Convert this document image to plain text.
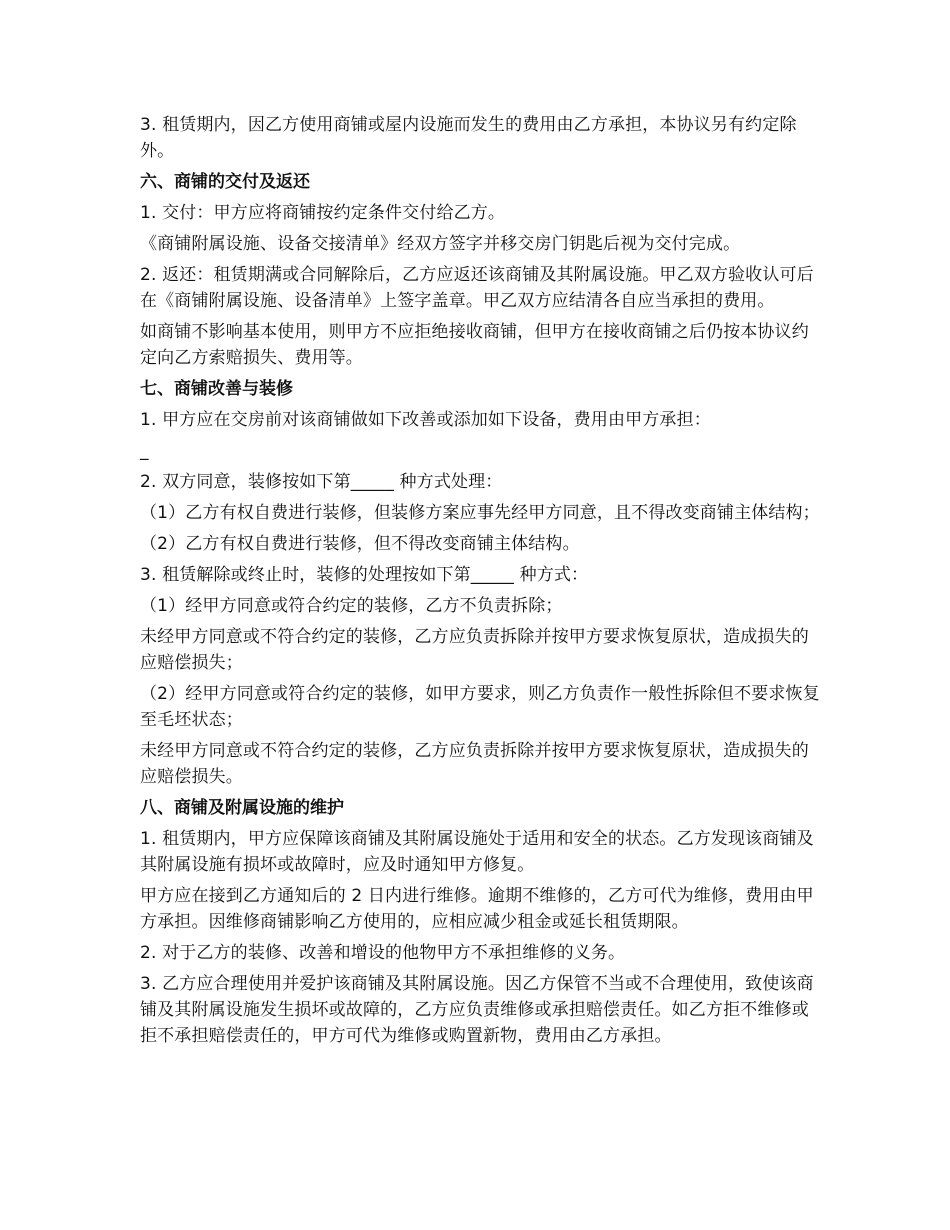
3. 租赁期内，因乙方使用商铺或屋内设施而发生的费用由乙方承担，本协议另有约定除外。

六、商铺的交付及返还

1. 交付：甲方应将商铺按约定条件交付给乙方。

《商铺附属设施、设备交接清单》经双方签字并移交房门钥匙后视为交付完成。

2. 返还：租赁期满或合同解除后，乙方应返还该商铺及其附属设施。甲乙双方验收认可后在《商铺附属设施、设备清单》上签字盖章。甲乙双方应结清各自应当承担的费用。

如商铺不影响基本使用，则甲方不应拒绝接收商铺，但甲方在接收商铺之后仍按本协议约定向乙方索赔损失、费用等。

七、商铺改善与装修

1. 甲方应在交房前对该商铺做如下改善或添加如下设备，费用由甲方承担：

_

2. 双方同意，装修按如下第_____ 种方式处理：

（1）乙方有权自费进行装修，但装修方案应事先经甲方同意，且不得改变商铺主体结构；

（2）乙方有权自费进行装修，但不得改变商铺主体结构。

3. 租赁解除或终止时，装修的处理按如下第_____ 种方式：

（1）经甲方同意或符合约定的装修，乙方不负责拆除；

未经甲方同意或不符合约定的装修，乙方应负责拆除并按甲方要求恢复原状，造成损失的应赔偿损失；

（2）经甲方同意或符合约定的装修，如甲方要求，则乙方负责作一般性拆除但不要求恢复至毛坯状态；

未经甲方同意或不符合约定的装修，乙方应负责拆除并按甲方要求恢复原状，造成损失的应赔偿损失。

八、商铺及附属设施的维护

1. 租赁期内，甲方应保障该商铺及其附属设施处于适用和安全的状态。乙方发现该商铺及其附属设施有损坏或故障时，应及时通知甲方修复。

甲方应在接到乙方通知后的 2 日内进行维修。逾期不维修的，乙方可代为维修，费用由甲方承担。因维修商铺影响乙方使用的，应相应减少租金或延长租赁期限。

2. 对于乙方的装修、改善和增设的他物甲方不承担维修的义务。

3. 乙方应合理使用并爱护该商铺及其附属设施。因乙方保管不当或不合理使用，致使该商铺及其附属设施发生损坏或故障的，乙方应负责维修或承担赔偿责任。如乙方拒不维修或拒不承担赔偿责任的，甲方可代为维修或购置新物，费用由乙方承担。
